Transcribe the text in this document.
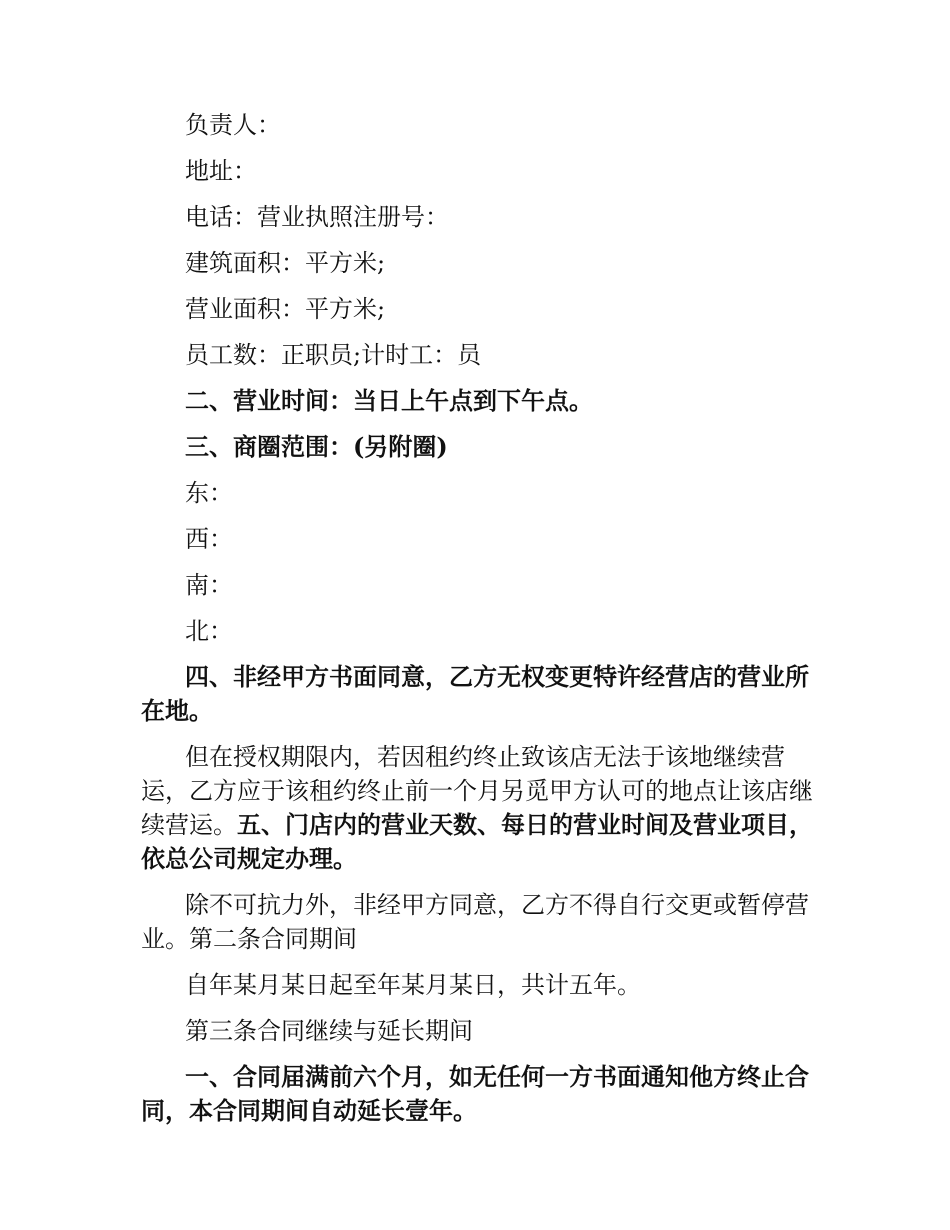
负责人：

地址：

电话：营业执照注册号：

建筑面积：平方米;

营业面积：平方米;

员工数：正职员;计时工：员

二、营业时间：当日上午点到下午点。

三、商圈范围：(另附圈)

东：

西：

南：

北：

四、非经甲方书面同意，乙方无权变更特许经营店的营业所在地。

但在授权期限内，若因租约终止致该店无法于该地继续营运，乙方应于该租约终止前一个月另觅甲方认可的地点让该店继续营运。五、门店内的营业天数、每日的营业时间及营业项目，依总公司规定办理。

除不可抗力外，非经甲方同意，乙方不得自行交更或暂停营业。第二条合同期间

自年某月某日起至年某月某日，共计五年。

第三条合同继续与延长期间

一、合同届满前六个月，如无任何一方书面通知他方终止合同，本合同期间自动延长壹年。
